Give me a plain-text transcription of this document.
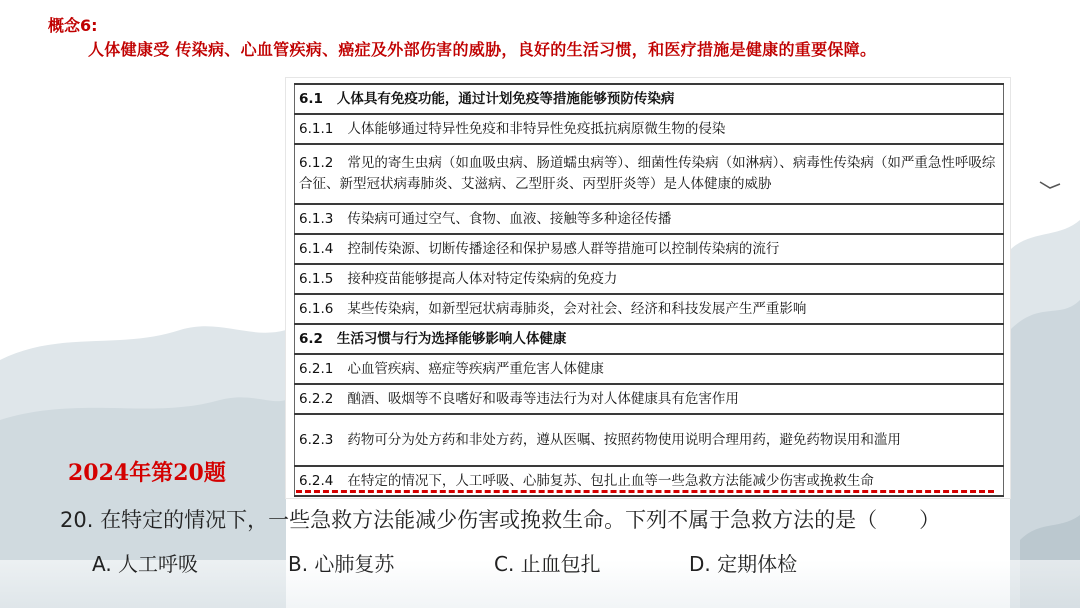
概念6:
人体健康受 传染病、心血管疾病、癌症及外部伤害的威胁，良好的生活习惯，和医疗措施是健康的重要保障。
6.1 人体具有免疫功能，通过计划免疫等措施能够预防传染病
6.1.1 人体能够通过特异性免疫和非特异性免疫抵抗病原微生物的侵染
6.1.2 常见的寄生虫病（如血吸虫病、肠道蠕虫病等）、细菌性传染病（如淋病）、病毒性传染病（如严重急性呼吸综合征、新型冠状病毒肺炎、艾滋病、乙型肝炎、丙型肝炎等）是人体健康的威胁
6.1.3 传染病可通过空气、食物、血液、接触等多种途径传播
6.1.4 控制传染源、切断传播途径和保护易感人群等措施可以控制传染病的流行
6.1.5 接种疫苗能够提高人体对特定传染病的免疫力
6.1.6 某些传染病，如新型冠状病毒肺炎，会对社会、经济和科技发展产生严重影响
6.2 生活习惯与行为选择能够影响人体健康
6.2.1 心血管疾病、癌症等疾病严重危害人体健康
6.2.2 酗酒、吸烟等不良嗜好和吸毒等违法行为对人体健康具有危害作用
6.2.3 药物可分为处方药和非处方药，遵从医嘱、按照药物使用说明合理用药，避免药物误用和滥用
6.2.4 在特定的情况下，人工呼吸、心肺复苏、包扎止血等一些急救方法能减少伤害或挽救生命
2024年第20题
20. 在特定的情况下，一些急救方法能减少伤害或挽救生命。下列不属于急救方法的是（　　）
A. 人工呼吸	B. 心肺复苏	C. 止血包扎	D. 定期体检
